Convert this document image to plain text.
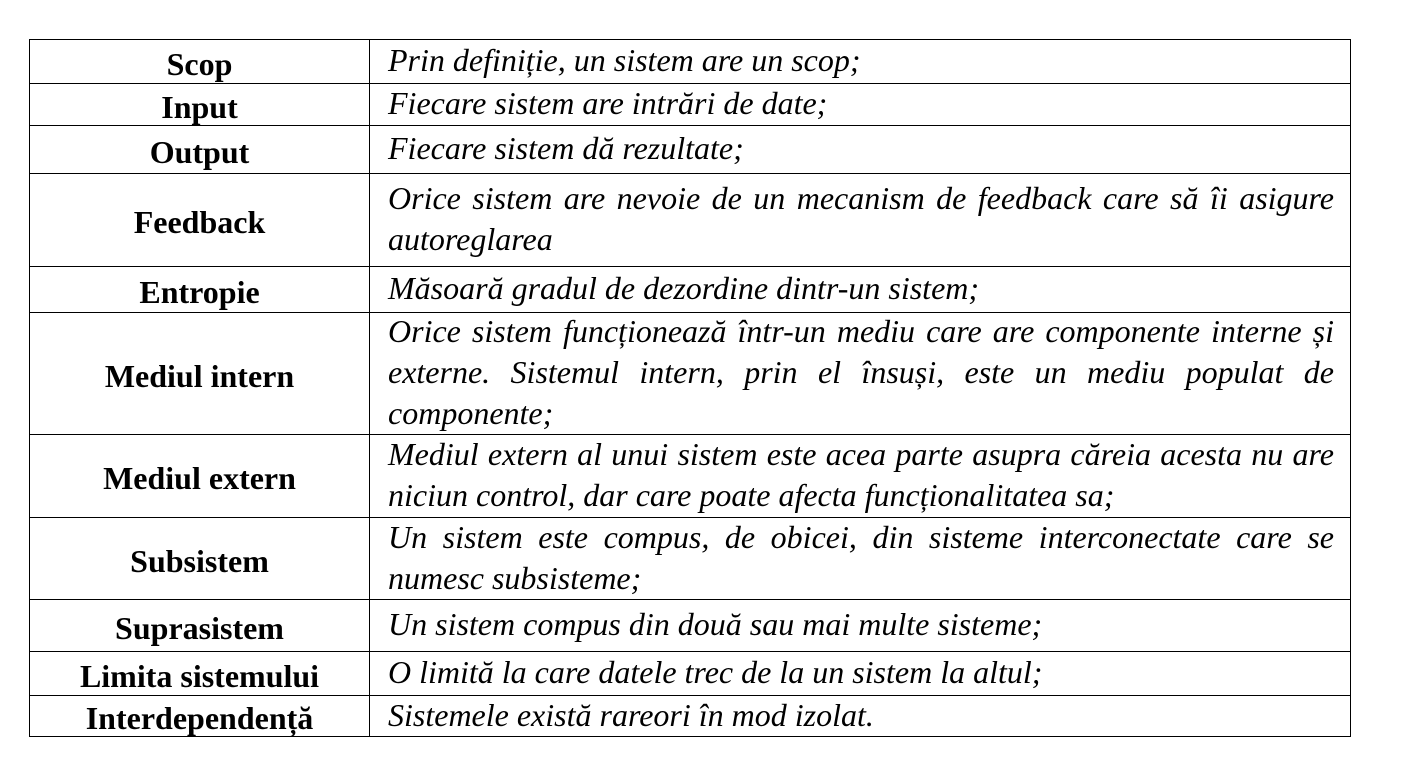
Scop	Prin definiție, un sistem are un scop;

Input	Fiecare sistem are intrări de date;

Output	Fiecare sistem dă rezultate;

Feedback	Orice sistem are nevoie de un mecanism de feedback care să îi asigure autoreglarea

Entropie	Măsoară gradul de dezordine dintr-un sistem;

Mediul intern	Orice sistem funcționează într-un mediu care are componente interne și externe. Sistemul intern, prin el însuși, este un mediu populat de componente;

Mediul extern	Mediul extern al unui sistem este acea parte asupra căreia acesta nu are niciun control, dar care poate afecta funcționalitatea sa;

Subsistem	Un sistem este compus, de obicei, din sisteme interconectate care se numesc subsisteme;

Suprasistem	Un sistem compus din două sau mai multe sisteme;

Limita sistemului	O limită la care datele trec de la un sistem la altul;

Interdependență	Sistemele există rareori în mod izolat.
